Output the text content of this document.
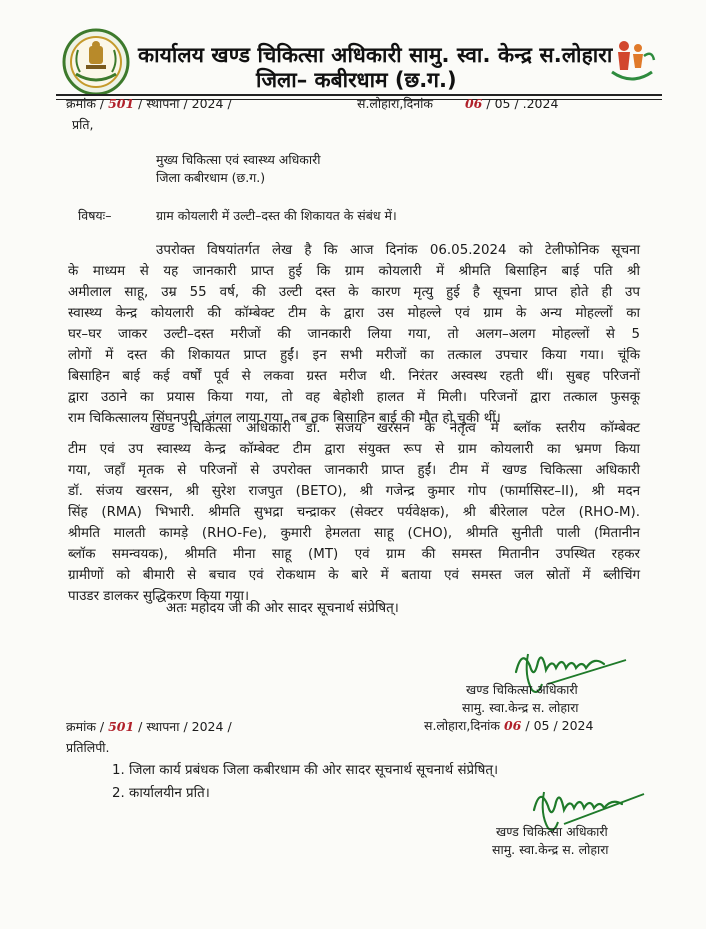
कार्यालय खण्ड चिकित्सा अधिकारी सामु. स्वा. केन्द्र स.लोहारा
जिला– कबीरधाम (छ.ग.)
क्रमांक / 501 / स्थापना / 2024 /	स.लोहारा,दिनांक	06 / 05 / .2024
प्रति,
मुख्य चिकित्सा एवं स्वास्थ्य अधिकारी
जिला कबीरधाम (छ.ग.)
विषयः–	ग्राम कोयलारी में उल्टी–दस्त की शिकायत के संबंध में।
उपरोक्त विषयांतर्गत लेख है कि आज दिनांक 06.05.2024 को टेलीफोनिक सूचना
के माध्यम से यह जानकारी प्राप्त हुई कि ग्राम कोयलारी में श्रीमति बिसाहिन बाई पति श्री
अमीलाल साहू, उम्र 55 वर्ष, की उल्टी दस्त के कारण मृत्यु हुई है सूचना प्राप्त होते ही उप
स्वास्थ्य केन्द्र कोयलारी की कॉम्बेक्ट टीम के द्वारा उस मोहल्ले एवं ग्राम के अन्य मोहल्लों का
घर–घर जाकर उल्टी–दस्त मरीजों की जानकारी लिया गया, तो अलग–अलग मोहल्लों से 5
लोगों में दस्त की शिकायत प्राप्त हुईं। इन सभी मरीजों का तत्काल उपचार किया गया। चूंकि
बिसाहिन बाई कई वर्षों पूर्व से लकवा ग्रस्त मरीज थी. निरंतर अस्वस्थ रहती थीं। सुबह परिजनों
द्वारा उठाने का प्रयास किया गया, तो वह बेहोशी हालत में मिली। परिजनों द्वारा तत्काल फुसकू
राम चिकित्सालय सिंघनपुरी .जंगल लाया गया, तब तक बिसाहिन बाई की मौत हो चुकी थीं।
खण्ड चिकित्सा अधिकारी डॉ. संजय खरसन के नेतृत्व में ब्लॉक स्तरीय कॉम्बेक्ट
टीम एवं उप स्वास्थ्य केन्द्र कॉम्बेक्ट टीम द्वारा संयुक्त रूप से ग्राम कोयलारी का भ्रमण किया
गया, जहाँ मृतक से परिजनों से उपरोक्त जानकारी प्राप्त हुईं। टीम में खण्ड चिकित्सा अधिकारी
डॉ. संजय खरसन, श्री सुरेश राजपुत (BETO), श्री गजेन्द्र कुमार गोप (फार्मासिस्ट–II), श्री मदन
सिंह (RMA) भिभारी. श्रीमति सुभद्रा चन्द्राकर (सेक्टर पर्यवेक्षक), श्री बीरेलाल पटेल (RHO-M).
श्रीमति मालती कामड़े (RHO-Fe), कुमारी हेमलता साहू (CHO), श्रीमति सुनीती पाली (मितानीन
ब्लॉक समन्वयक), श्रीमति मीना साहू (MT) एवं ग्राम की समस्त मितानीन उपस्थित रहकर
ग्रामीणों को बीमारी से बचाव एवं रोकथाम के बारे में बताया एवं समस्त जल स्रोतों में ब्लीचिंग
पाउडर डालकर सुद्धिकरण किया गया।
अतः महोदय जी की ओर सादर सूचनार्थ संप्रेषित्।
खण्ड चिकित्सा अधिकारी
सामु. स्वा.केन्द्र स. लोहारा
स.लोहारा,दिनांक 06 / 05 / 2024
क्रमांक / 501 / स्थापना / 2024 /
प्रतिलिपी.
1. जिला कार्य प्रबंधक जिला कबीरधाम की ओर सादर सूचनार्थ सूचनार्थ संप्रेषित्।
2. कार्यालयीन प्रति।
खण्ड चिकित्सा अधिकारी
सामु. स्वा.केन्द्र स. लोहारा
